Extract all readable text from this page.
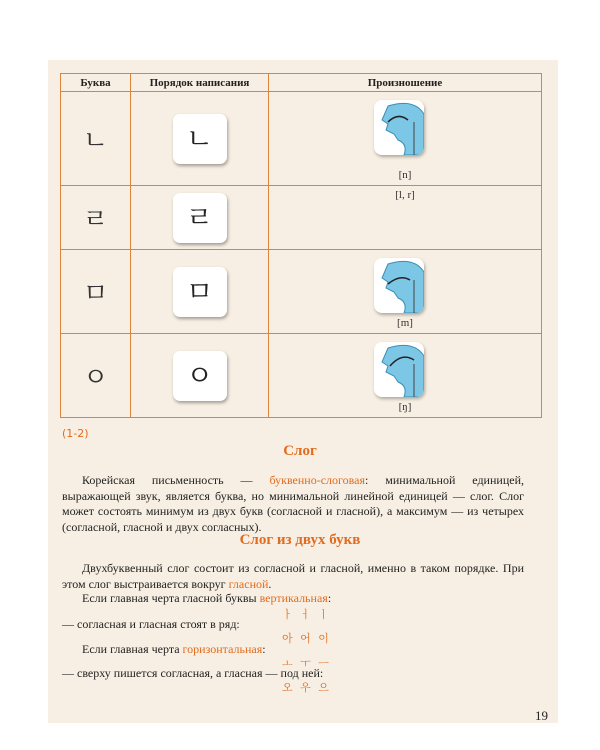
Буква	Порядок написания	Произношение
ㄴ	ㄴ	[n]

ㄹ	ㄹ	[l, r]

ㅁ	ㅁ	[m]

ㅇ	ㅇ	[ŋ]
(1-2)
Слог
Корейская письменность — буквенно-слоговая: минимальной единицей, выражающей звук, является буква, но минимальной линейной единицей — слог. Слог может состоять минимум из двух букв (согласной и гласной), а максимум — из четырех (согласной, гласной и двух согласных).
Слог из двух букв
Двухбуквенный слог состоит из согласной и гласной, именно в таком порядке. При этом слог выстраивается вокруг гласной.
Если главная черта гласной буквы вертикальная:
ㅏ ㅓ ㅣ
— согласная и гласная стоят в ряд:
아 어 이
Если главная черта горизонтальная:
ㅗ ㅜ ㅡ
— сверху пишется согласная, а гласная — под ней:
오 우 으
19
